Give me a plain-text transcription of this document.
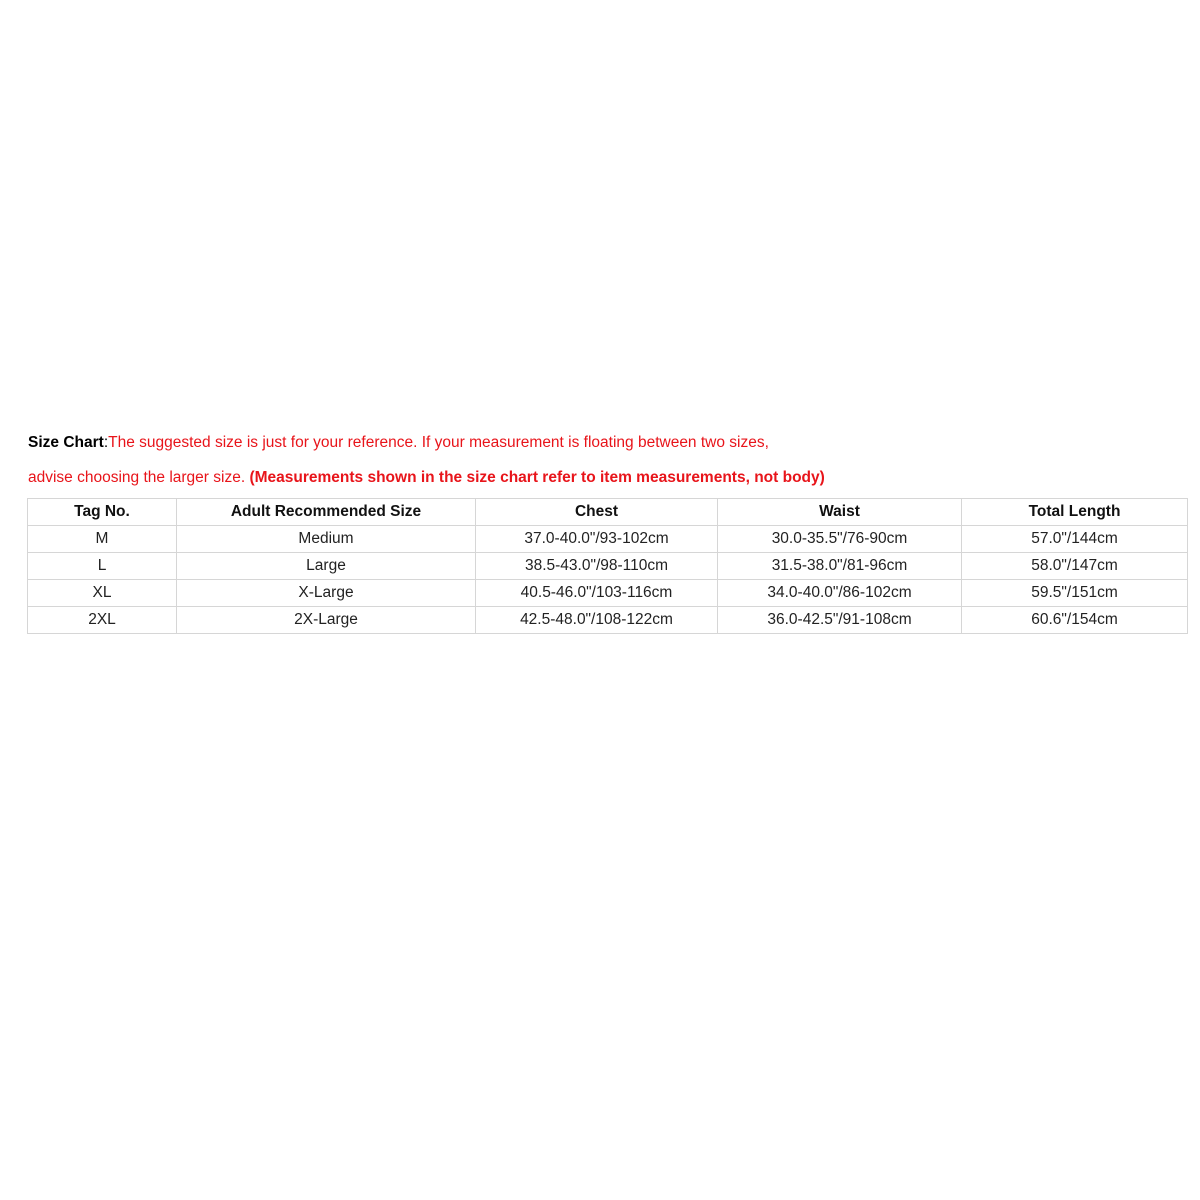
Size Chart:The suggested size is just for your reference. If your measurement is floating between two sizes,
advise choosing the larger size. (Measurements shown in the size chart refer to item measurements, not body)
Tag No.	Adult Recommended Size	Chest	Waist	Total Length
M	Medium	37.0-40.0"/93-102cm	30.0-35.5"/76-90cm	57.0"/144cm
L	Large	38.5-43.0"/98-110cm	31.5-38.0"/81-96cm	58.0"/147cm
XL	X-Large	40.5-46.0"/103-116cm	34.0-40.0"/86-102cm	59.5"/151cm
2XL	2X-Large	42.5-48.0"/108-122cm	36.0-42.5"/91-108cm	60.6"/154cm
